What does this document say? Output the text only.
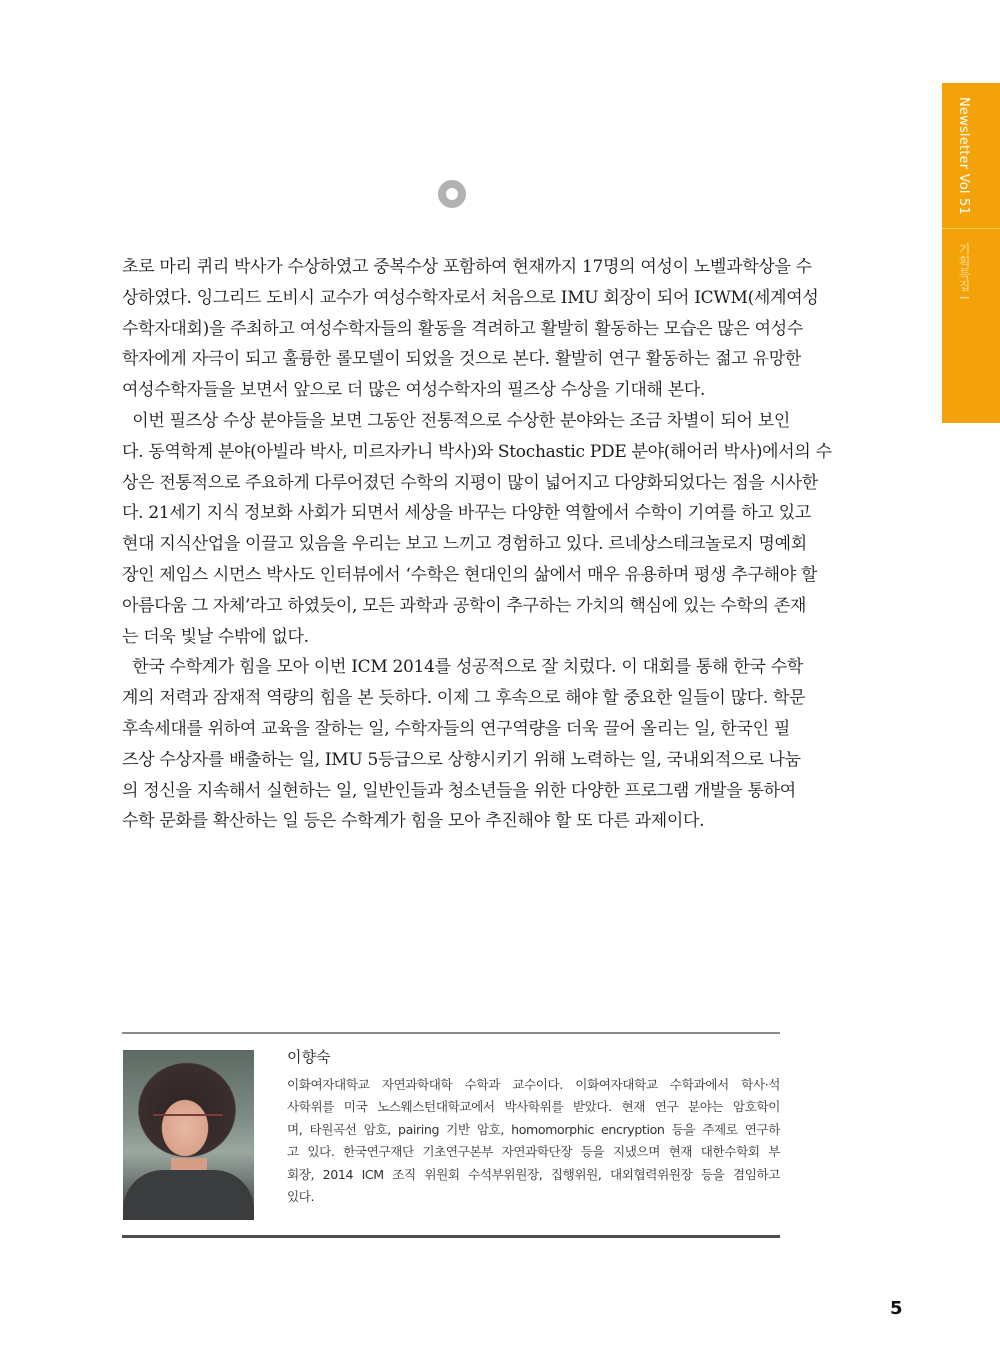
Newsletter Vol 51
기획특집 I
초로 마리 퀴리 박사가 수상하였고 중복수상 포함하여 현재까지 17명의 여성이 노벨과학상을 수
상하였다. 잉그리드 도비시 교수가 여성수학자로서 처음으로 IMU 회장이 되어 ICWM(세계여성
수학자대회)을 주최하고 여성수학자들의 활동을 격려하고 활발히 활동하는 모습은 많은 여성수
학자에게 자극이 되고 훌륭한 롤모델이 되었을 것으로 본다. 활발히 연구 활동하는 젊고 유망한
여성수학자들을 보면서 앞으로 더 많은 여성수학자의 필즈상 수상을 기대해 본다.
이번 필즈상 수상 분야들을 보면 그동안 전통적으로 수상한 분야와는 조금 차별이 되어 보인
다. 동역학계 분야(아빌라 박사, 미르자카니 박사)와 Stochastic PDE 분야(해어러 박사)에서의 수
상은 전통적으로 주요하게 다루어졌던 수학의 지평이 많이 넓어지고 다양화되었다는 점을 시사한
다. 21세기 지식 정보화 사회가 되면서 세상을 바꾸는 다양한 역할에서 수학이 기여를 하고 있고
현대 지식산업을 이끌고 있음을 우리는 보고 느끼고 경험하고 있다. 르네상스테크놀로지 명예회
장인 제임스 시먼스 박사도 인터뷰에서 ‘수학은 현대인의 삶에서 매우 유용하며 평생 추구해야 할
아름다움 그 자체’라고 하였듯이, 모든 과학과 공학이 추구하는 가치의 핵심에 있는 수학의 존재
는 더욱 빛날 수밖에 없다.
한국 수학계가 힘을 모아 이번 ICM 2014를 성공적으로 잘 치렀다. 이 대회를 통해 한국 수학
계의 저력과 잠재적 역량의 힘을 본 듯하다. 이제 그 후속으로 해야 할 중요한 일들이 많다. 학문
후속세대를 위하여 교육을 잘하는 일, 수학자들의 연구역량을 더욱 끌어 올리는 일, 한국인 필
즈상 수상자를 배출하는 일, IMU 5등급으로 상향시키기 위해 노력하는 일, 국내외적으로 나눔
의 정신을 지속해서 실현하는 일, 일반인들과 청소년들을 위한 다양한 프로그램 개발을 통하여
수학 문화를 확산하는 일 등은 수학계가 힘을 모아 추진해야 할 또 다른 과제이다.
이향숙
이화여자대학교 자연과학대학 수학과 교수이다. 이화여자대학교 수학과에서 학사·석
사학위를 미국 노스웨스턴대학교에서 박사학위를 받았다. 현재 연구 분야는 암호학이
며, 타원곡선 암호, pairing 기반 암호, homomorphic encryption 등을 주제로 연구하
고 있다. 한국연구재단 기초연구본부 자연과학단장 등을 지냈으며 현재 대한수학회 부
회장, 2014 ICM 조직 위원회 수석부위원장, 집행위원, 대외협력위원장 등을 겸임하고
있다.
5
